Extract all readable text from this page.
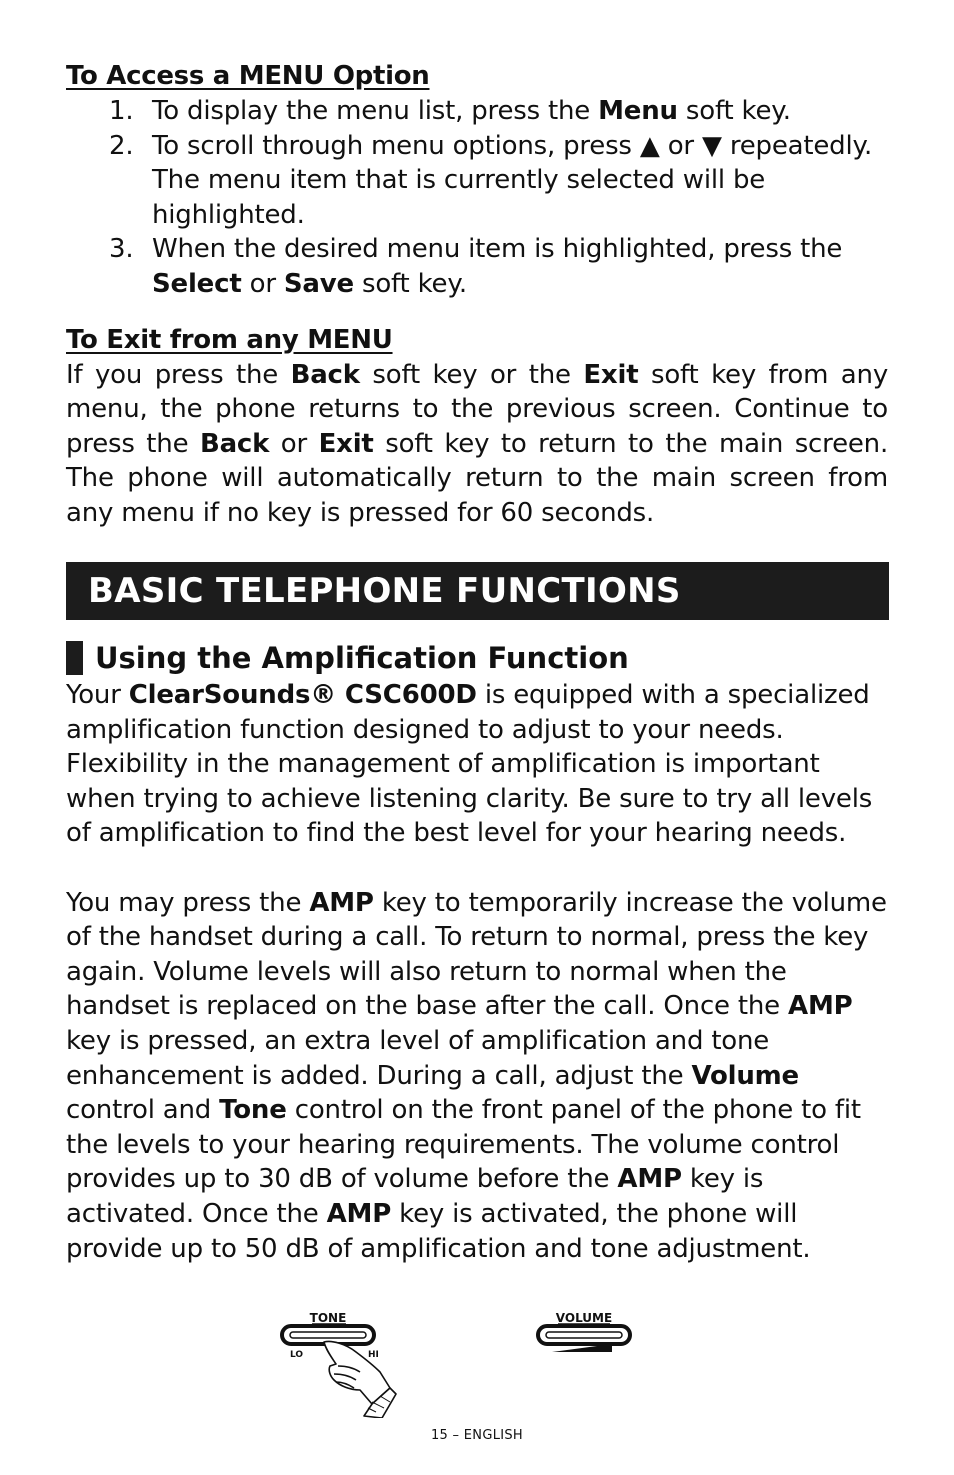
To Access a MENU Option
1. To display the menu list, press the Menu soft key.
2. To scroll through menu options, press ▲ or ▼ repeatedly. The menu item that is currently selected will be highlighted.
3. When the desired menu item is highlighted, press the Select or Save soft key.
To Exit from any MENU

If you press the Back soft key or the Exit soft key from any menu, the phone returns to the previous screen. Continue to press the Back or Exit soft key to return to the main screen. The phone will automatically return to the main screen from any menu if no key is pressed for 60 seconds.

BASIC TELEPHONE FUNCTIONS
Using the Amplification Function

Your ClearSounds® CSC600D is equipped with a specialized amplification function designed to adjust to your needs. Flexibility in the management of amplification is important when trying to achieve listening clarity. Be sure to try all levels of amplification to find the best level for your hearing needs.

You may press the AMP key to temporarily increase the volume of the handset during a call. To return to normal, press the key again. Volume levels will also return to normal when the handset is replaced on the base after the call. Once the AMP key is pressed, an extra level of amplification and tone enhancement is added. During a call, adjust the Volume control and Tone control on the front panel of the phone to fit the levels to your hearing requirements. The volume control provides up to 30 dB of volume before the AMP key is activated. Once the AMP key is activated, the phone will provide up to 50 dB of amplification and tone adjustment.

TONE
LO	HI
VOLUME
15 – ENGLISH
